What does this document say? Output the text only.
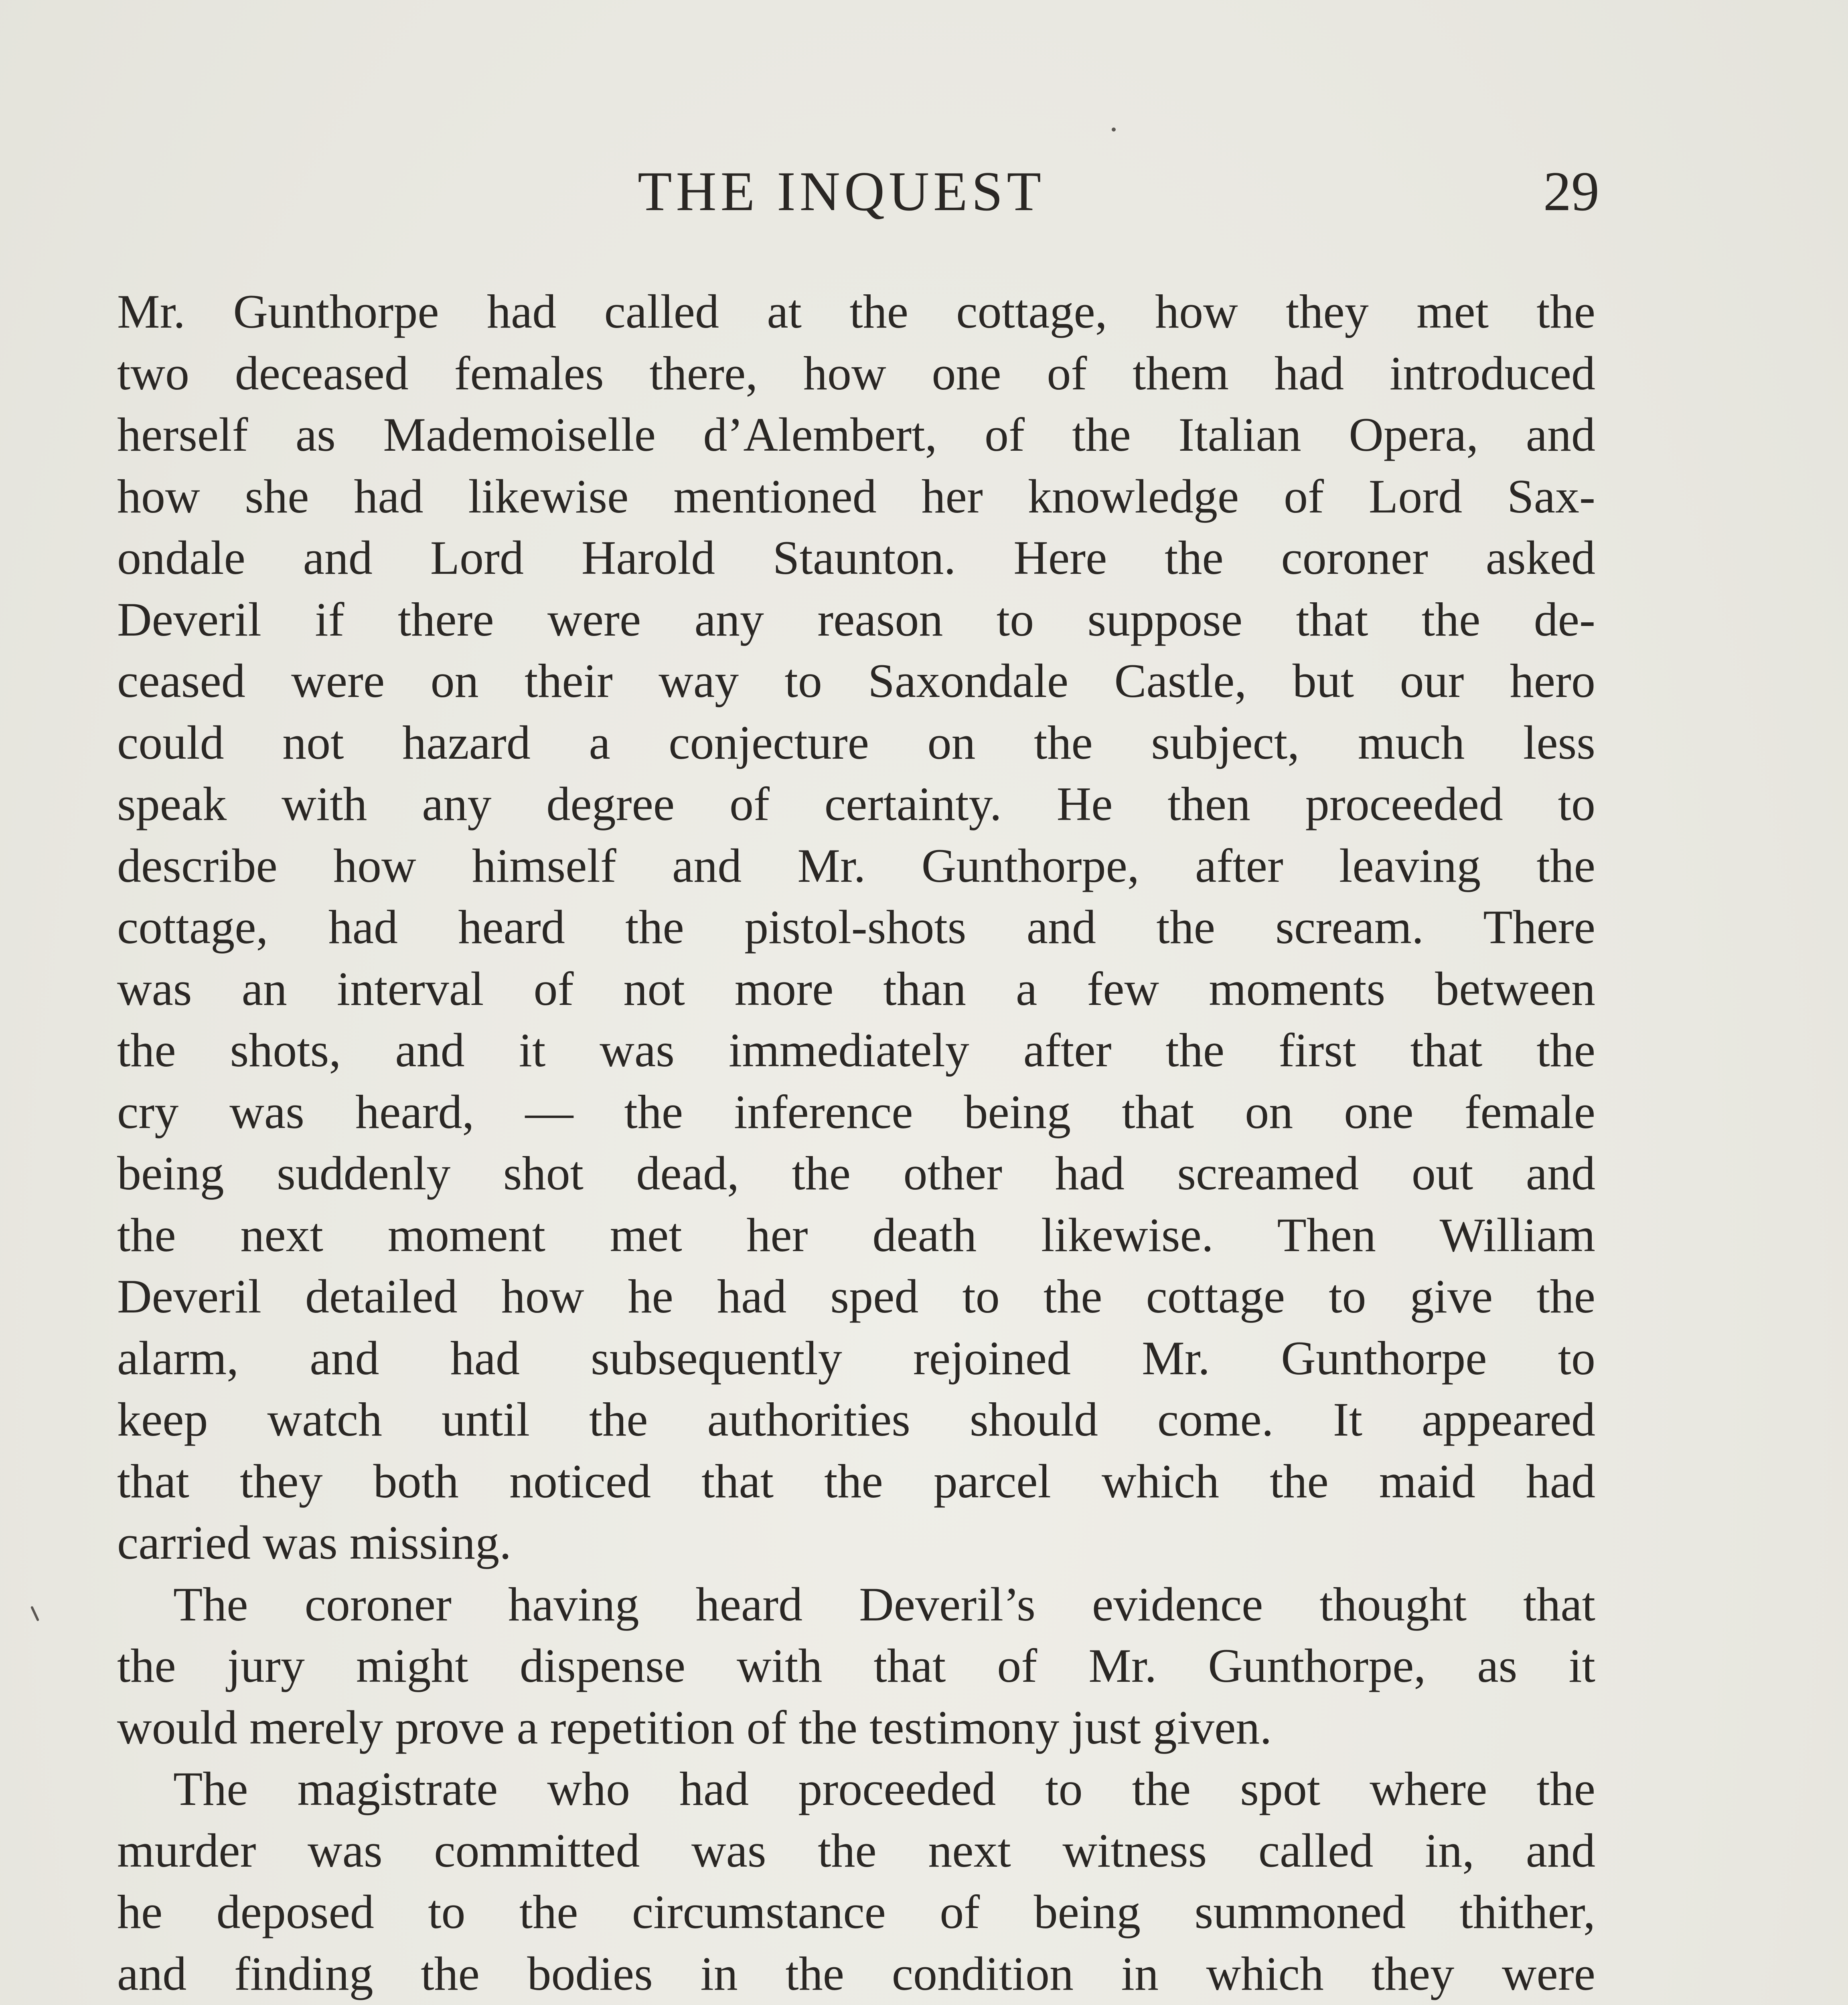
THE INQUEST	29
Mr. Gunthorpe had called at the cottage, how they met the
two deceased females there, how one of them had introduced
herself as Mademoiselle d’Alembert, of the Italian Opera, and
how she had likewise mentioned her knowledge of Lord Sax-
ondale and Lord Harold Staunton. Here the coroner asked
Deveril if there were any reason to suppose that the de-
ceased were on their way to Saxondale Castle, but our hero
could not hazard a conjecture on the subject, much less
speak with any degree of certainty. He then proceeded to
describe how himself and Mr. Gunthorpe, after leaving the
cottage, had heard the pistol-shots and the scream. There
was an interval of not more than a few moments between
the shots, and it was immediately after the first that the
cry was heard, — the inference being that on one female
being suddenly shot dead, the other had screamed out and
the next moment met her death likewise. Then William
Deveril detailed how he had sped to the cottage to give the
alarm, and had subsequently rejoined Mr. Gunthorpe to
keep watch until the authorities should come. It appeared
that they both noticed that the parcel which the maid had
carried was missing.
The coroner having heard Deveril’s evidence thought that
the jury might dispense with that of Mr. Gunthorpe, as it
would merely prove a repetition of the testimony just given.
The magistrate who had proceeded to the spot where the
murder was committed was the next witness called in, and
he deposed to the circumstance of being summoned thither,
and finding the bodies in the condition in which they were
